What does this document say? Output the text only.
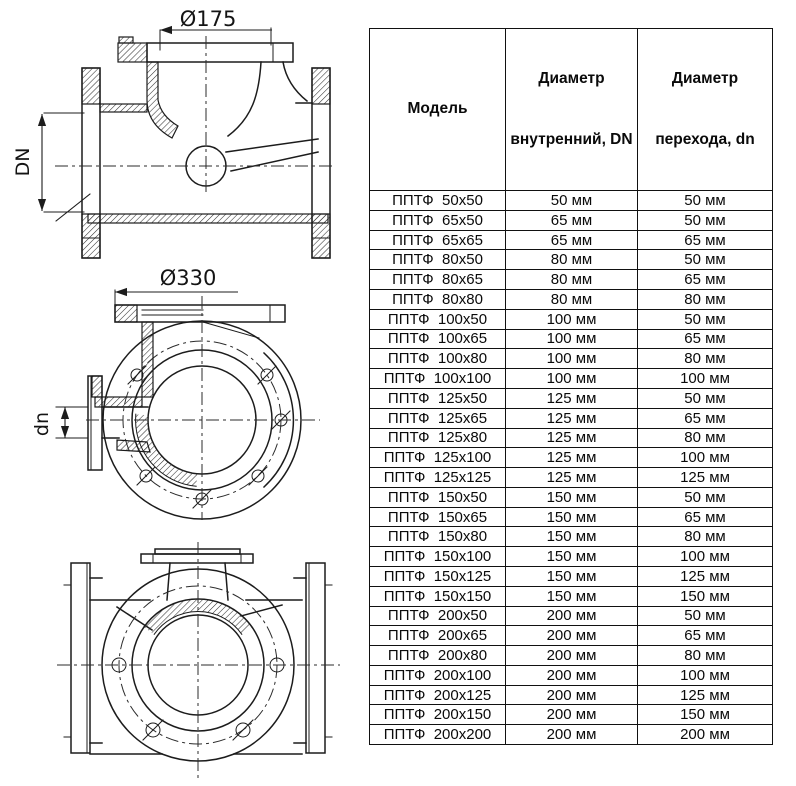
Ø175
DN
Ø330
dn

Модель

Диаметр

внутренний, DN

Диаметр

перехода, dn

ППТФ  50x50	50 мм	50 мм
ППТФ  65x50	65 мм	50 мм
ППТФ  65x65	65 мм	65 мм
ППТФ  80x50	80 мм	50 мм
ППТФ  80x65	80 мм	65 мм
ППТФ  80x80	80 мм	80 мм
ППТФ  100x50	100 мм	50 мм
ППТФ  100x65	100 мм	65 мм
ППТФ  100x80	100 мм	80 мм
ППТФ  100x100	100 мм	100 мм
ППТФ  125x50	125 мм	50 мм
ППТФ  125x65	125 мм	65 мм
ППТФ  125x80	125 мм	80 мм
ППТФ  125x100	125 мм	100 мм
ППТФ  125x125	125 мм	125 мм
ППТФ  150x50	150 мм	50 мм
ППТФ  150x65	150 мм	65 мм
ППТФ  150x80	150 мм	80 мм
ППТФ  150x100	150 мм	100 мм
ППТФ  150x125	150 мм	125 мм
ППТФ  150x150	150 мм	150 мм
ППТФ  200x50	200 мм	50 мм
ППТФ  200x65	200 мм	65 мм
ППТФ  200x80	200 мм	80 мм
ППТФ  200x100	200 мм	100 мм
ППТФ  200x125	200 мм	125 мм
ППТФ  200x150	200 мм	150 мм
ППТФ  200x200	200 мм	200 мм
